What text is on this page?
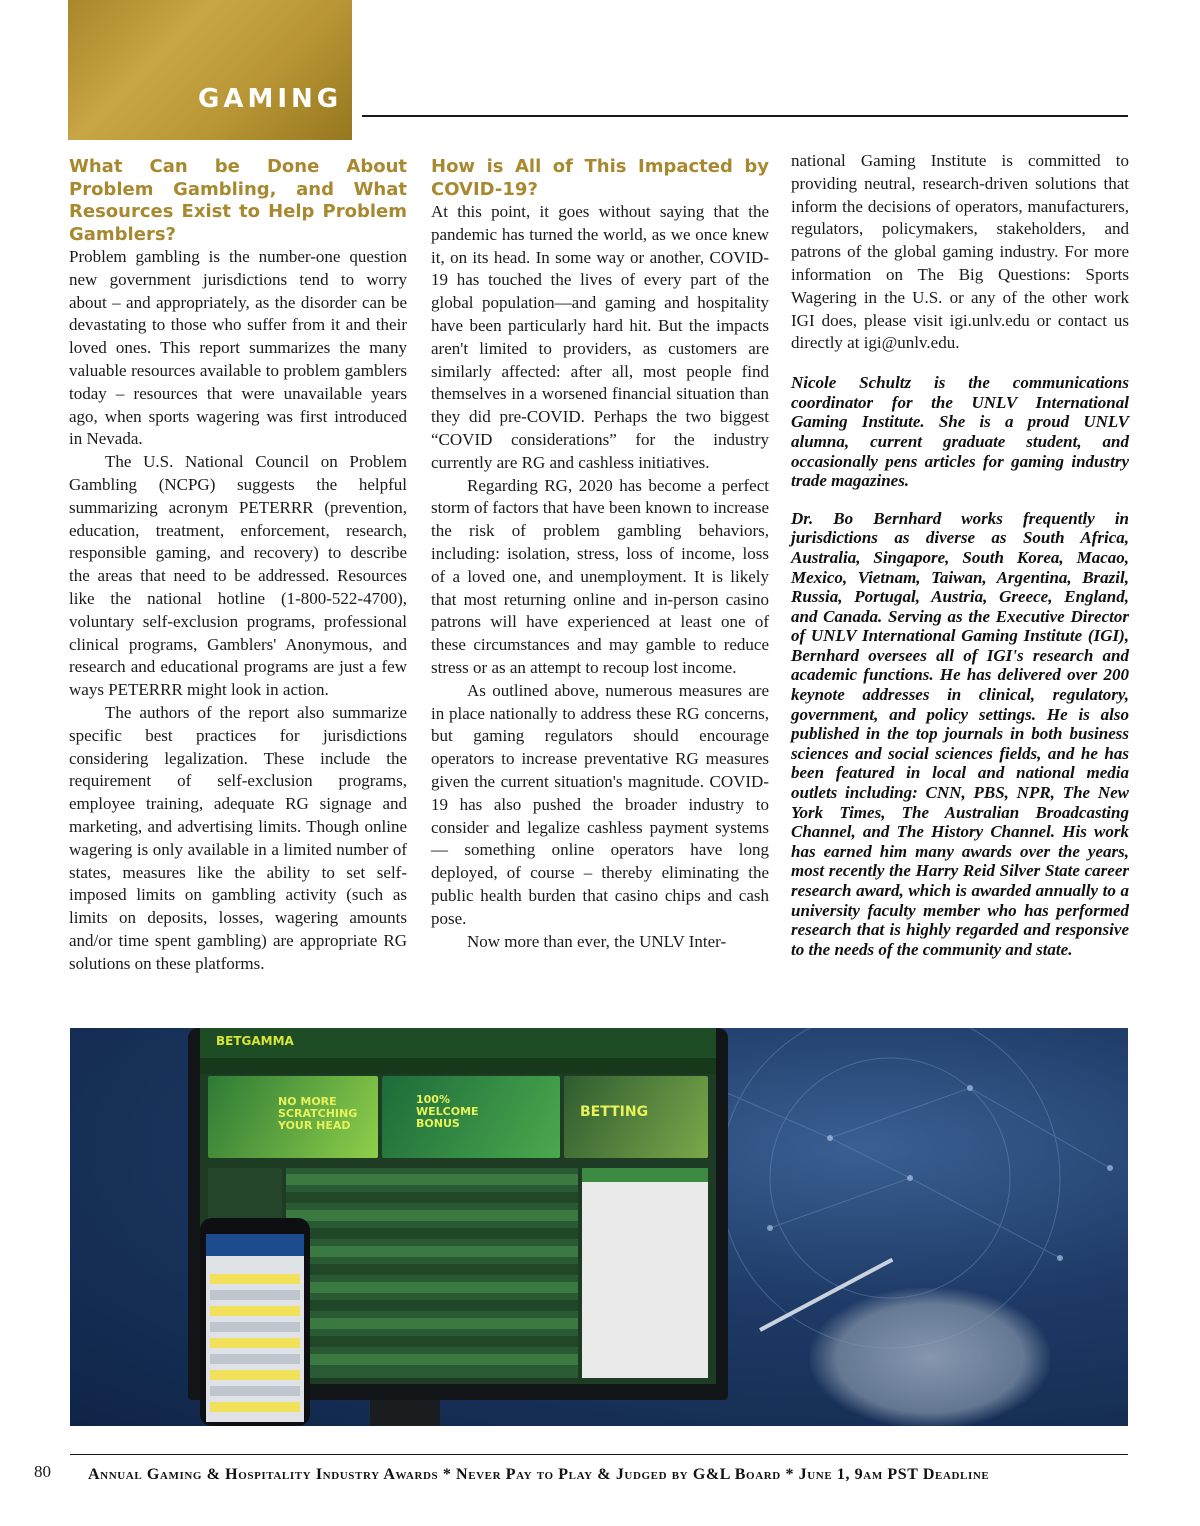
GAMING
What Can be Done About Problem Gambling, and What Resources Exist to Help Problem Gamblers?

Problem gambling is the number-one question new government jurisdictions tend to worry about – and appropriately, as the disorder can be devastating to those who suffer from it and their loved ones. This report summarizes the many valuable resources available to problem gamblers today – resources that were unavailable years ago, when sports wagering was first introduced in Nevada.

The U.S. National Council on Problem Gambling (NCPG) suggests the helpful summarizing acronym PETERRR (prevention, education, treatment, enforcement, research, responsible gaming, and recovery) to describe the areas that need to be addressed. Resources like the national hotline (1-800-522-4700), voluntary self-exclusion programs, professional clinical programs, Gamblers' Anonymous, and research and educational programs are just a few ways PETERRR might look in action.

The authors of the report also summarize specific best practices for jurisdictions considering legalization. These include the requirement of self-exclusion programs, employee training, adequate RG signage and marketing, and advertising limits. Though online wagering is only available in a limited number of states, measures like the ability to set self-imposed limits on gambling activity (such as limits on deposits, losses, wagering amounts and/or time spent gambling) are appropriate RG solutions on these platforms.

How is All of This Impacted by COVID-19?

At this point, it goes without saying that the pandemic has turned the world, as we once knew it, on its head. In some way or another, COVID-19 has touched the lives of every part of the global population—and gaming and hospitality have been particularly hard hit. But the impacts aren't limited to providers, as customers are similarly affected: after all, most people find themselves in a worsened financial situation than they did pre-COVID. Perhaps the two biggest “COVID considerations” for the industry currently are RG and cashless initiatives.

Regarding RG, 2020 has become a perfect storm of factors that have been known to increase the risk of problem gambling behaviors, including: isolation, stress, loss of income, loss of a loved one, and unemployment. It is likely that most returning online and in-person casino patrons will have experienced at least one of these circumstances and may gamble to reduce stress or as an attempt to recoup lost income.

As outlined above, numerous measures are in place nationally to address these RG concerns, but gaming regulators should encourage operators to increase preventative RG measures given the current situation's magnitude. COVID-19 has also pushed the broader industry to consider and legalize cashless payment systems — something online operators have long deployed, of course – thereby eliminating the public health burden that casino chips and cash pose.

Now more than ever, the UNLV Inter-

national Gaming Institute is committed to providing neutral, research-driven solutions that inform the decisions of operators, manufacturers, regulators, policymakers, stakeholders, and patrons of the global gaming industry. For more information on The Big Questions: Sports Wagering in the U.S. or any of the other work IGI does, please visit igi.unlv.edu or contact us directly at igi@unlv.edu.

Nicole Schultz is the communications coordinator for the UNLV International Gaming Institute. She is a proud UNLV alumna, current graduate student, and occasionally pens articles for gaming industry trade magazines.

Dr. Bo Bernhard works frequently in jurisdictions as diverse as South Africa, Australia, Singapore, South Korea, Macao, Mexico, Vietnam, Taiwan, Argentina, Brazil, Russia, Portugal, Austria, Greece, England, and Canada. Serving as the Executive Director of UNLV International Gaming Institute (IGI), Bernhard oversees all of IGI's research and academic functions. He has delivered over 200 keynote addresses in clinical, regulatory, government, and policy settings. He is also published in the top journals in both business sciences and social sciences fields, and he has been featured in local and national media outlets including: CNN, PBS, NPR, The New York Times, The Australian Broadcasting Channel, and The History Channel. His work has earned him many awards over the years, most recently the Harry Reid Silver State career research award, which is awarded annually to a university faculty member who has performed research that is highly regarded and responsive to the needs of the community and state.

BETGAMMA
NO MORE SCRATCHING YOUR HEAD
100% WELCOME BONUS
BETTING
80 Annual Gaming & Hospitality Industry Awards * Never Pay to Play & Judged by G&L Board * June 1, 9am PST Deadline
